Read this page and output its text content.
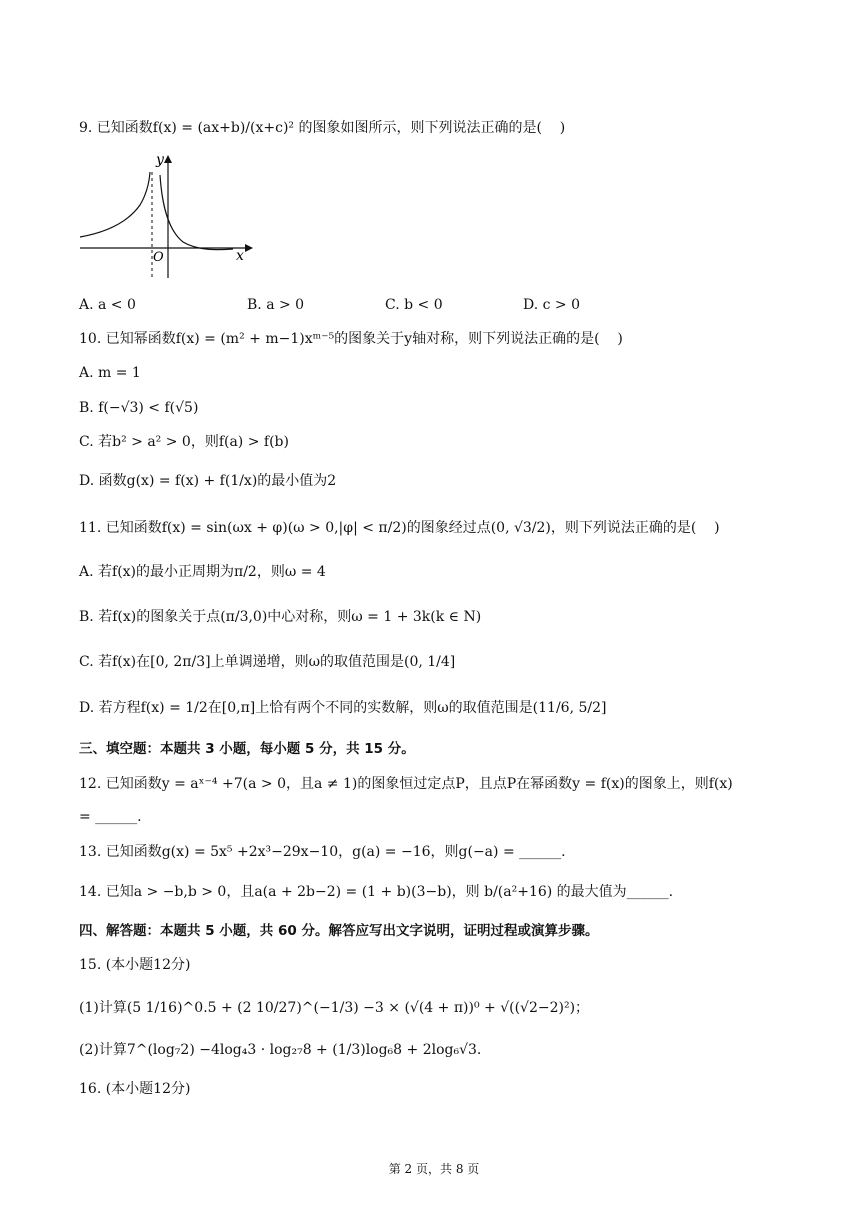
9. 已知函数f(x) = (ax+b)/(x+c)² 的图象如图所示，则下列说法正确的是(    )
y
x
O
A. a < 0	B. a > 0	C. b < 0	D. c > 0
10. 已知幂函数f(x) = (m² + m−1)xᵐ⁻⁵的图象关于y轴对称，则下列说法正确的是(    )
A. m = 1
B. f(−√3) < f(√5)
C. 若b² > a² > 0，则f(a) > f(b)
D. 函数g(x) = f(x) + f(1/x)的最小值为2
11. 已知函数f(x) = sin(ωx + φ)(ω > 0,|φ| < π/2)的图象经过点(0, √3/2)，则下列说法正确的是(    )
A. 若f(x)的最小正周期为π/2，则ω = 4
B. 若f(x)的图象关于点(π/3,0)中心对称，则ω = 1 + 3k(k ∈ N)
C. 若f(x)在[0, 2π/3]上单调递增，则ω的取值范围是(0, 1/4]
D. 若方程f(x) = 1/2在[0,π]上恰有两个不同的实数解，则ω的取值范围是(11/6, 5/2]
三、填空题：本题共 3 小题，每小题 5 分，共 15 分。
12. 已知函数y = aˣ⁻⁴ +7(a > 0，且a ≠ 1)的图象恒过定点P，且点P在幂函数y = f(x)的图象上，则f(x)
= ______.
13. 已知函数g(x) = 5x⁵ +2x³−29x−10，g(a) = −16，则g(−a) = ______.
14. 已知a > −b,b > 0，且a(a + 2b−2) = (1 + b)(3−b)，则 b/(a²+16) 的最大值为______.
四、解答题：本题共 5 小题，共 60 分。解答应写出文字说明，证明过程或演算步骤。
15. (本小题12分)
(1)计算(5 1/16)^0.5 + (2 10/27)^(−1/3) −3 × (√(4 + π))⁰ + √((√2−2)²)；
(2)计算7^(log₇2) −4log₄3 · log₂₇8 + (1/3)log₆8 + 2log₆√3.
16. (本小题12分)
第 2 页，共 8 页
